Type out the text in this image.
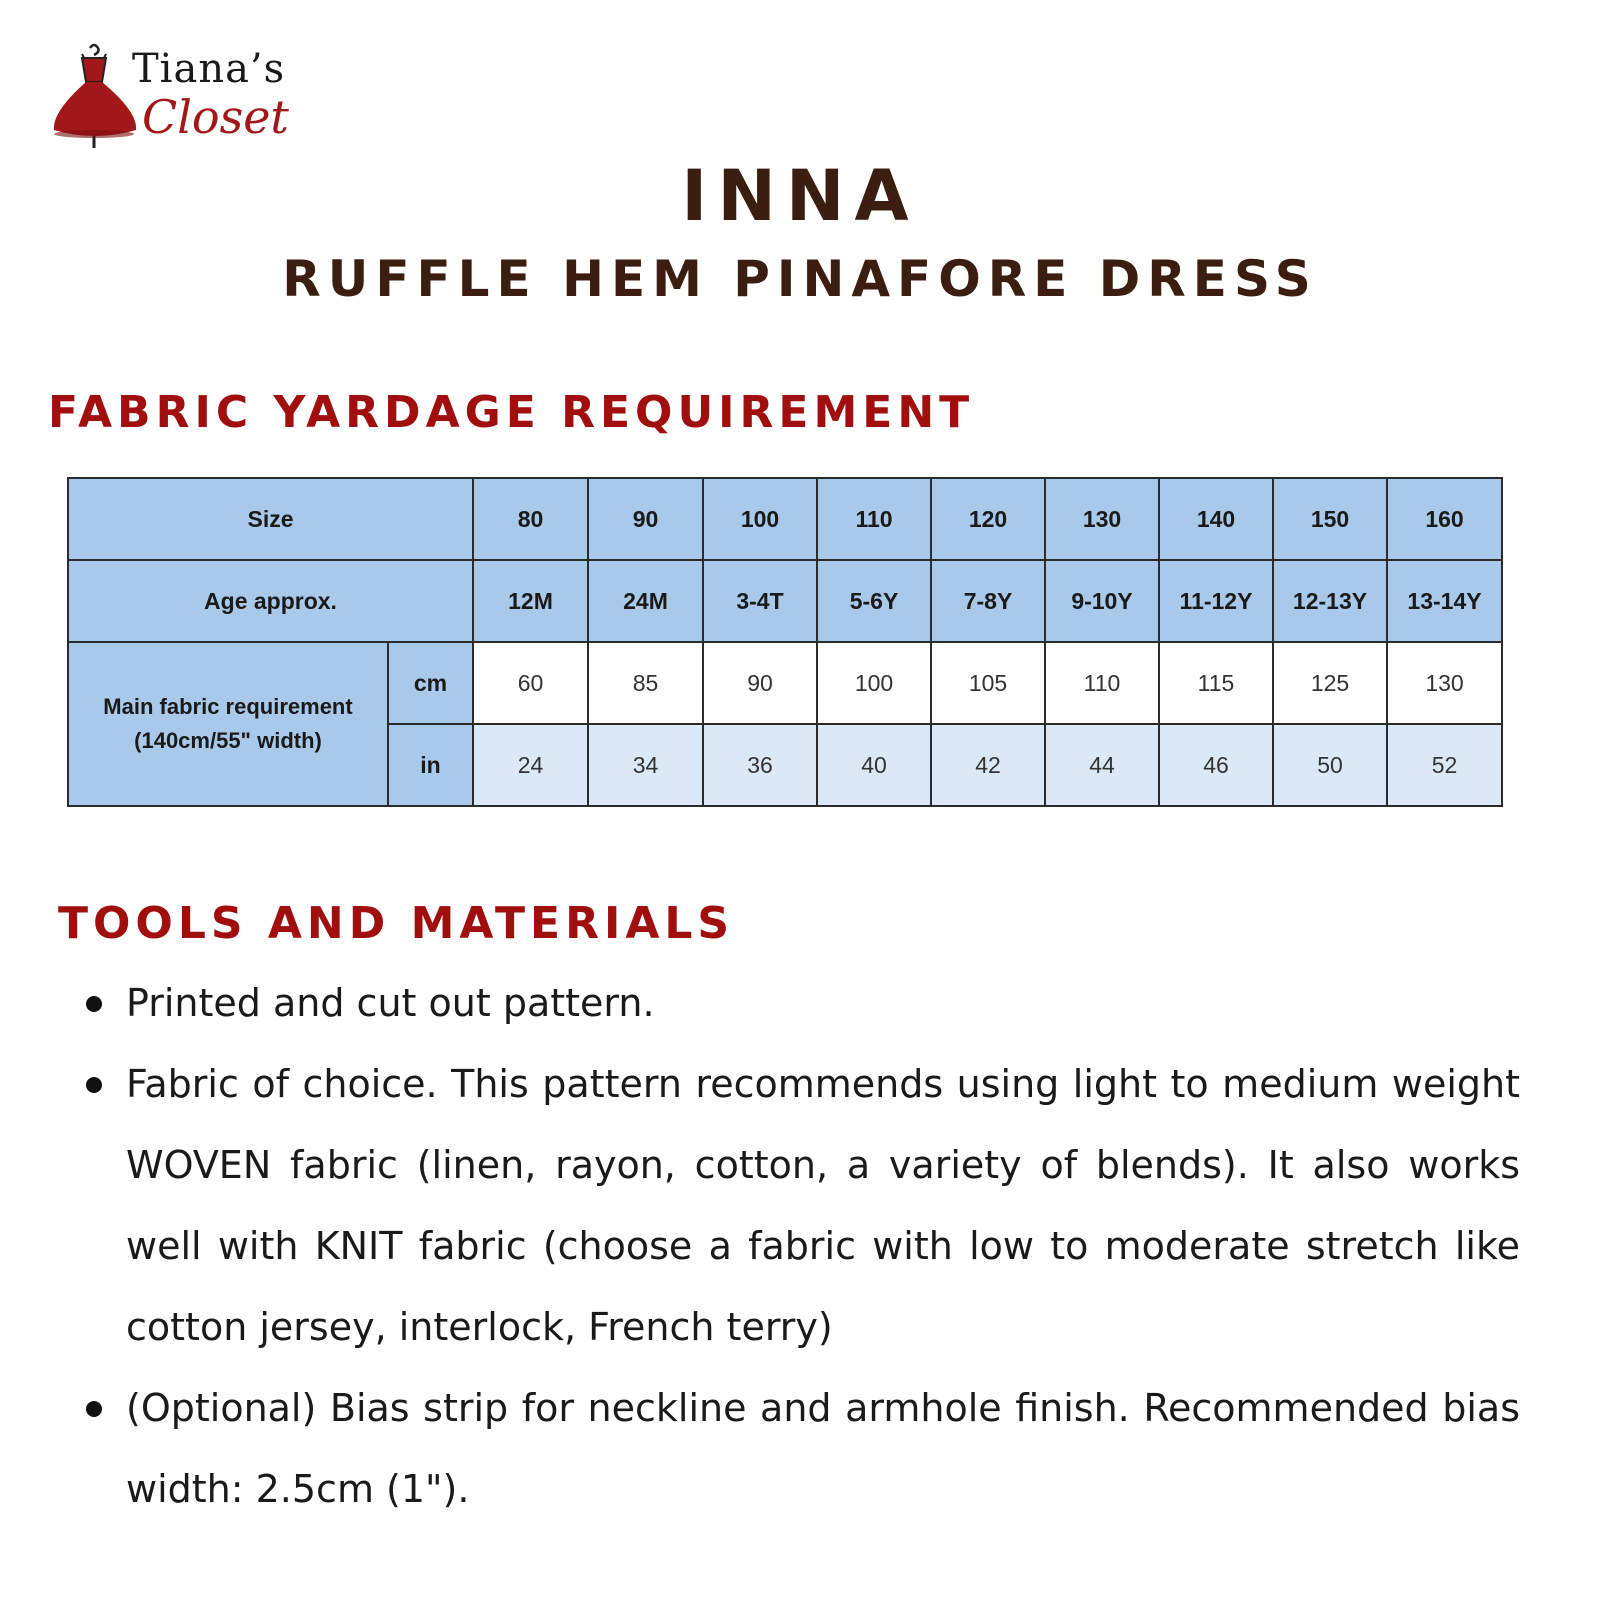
Tiana’s
Closet
INNA
RUFFLE HEM PINAFORE DRESS
FABRIC YARDAGE REQUIREMENT
Size		80	90	100	110	120	130	140	150	160
Age approx.		12M	24M	3-4T	5-6Y	7-8Y	9-10Y	11-12Y	12-13Y	13-14Y
Main fabric requirement
(140cm/55" width)	cm	60	85	90	100	105	110	115	125	130
	in	24	34	36	40	42	44	46	50	52
TOOLS AND MATERIALS
Printed and cut out pattern.
Fabric of choice. This pattern recommends using light to medium weight WOVEN fabric (linen, rayon, cotton, a variety of blends). It also works well with KNIT fabric (choose a fabric with low to moderate stretch like cotton jersey, interlock, French terry)
(Optional) Bias strip for neckline and armhole finish. Recommended bias width: 2.5cm (1").
